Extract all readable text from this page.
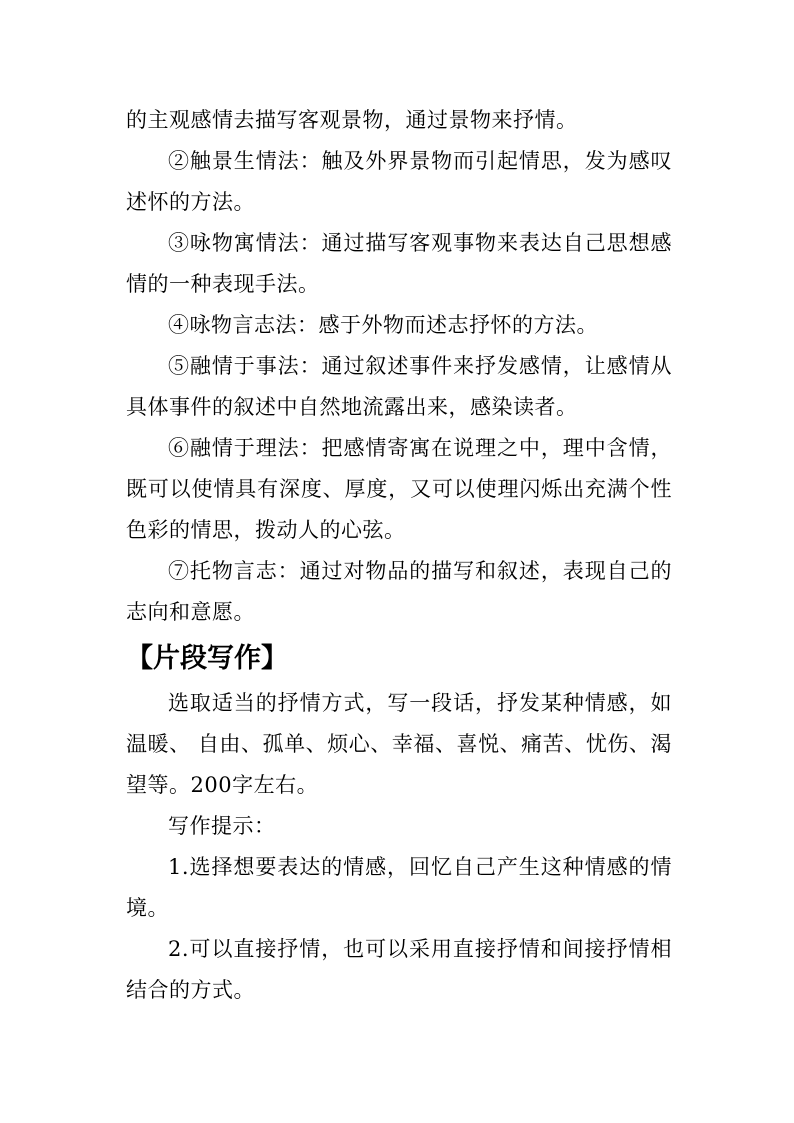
的主观感情去描写客观景物，通过景物来抒情。

②触景生情法：触及外界景物而引起情思，发为感叹述怀的方法。

③咏物寓情法：通过描写客观事物来表达自己思想感情的一种表现手法。

④咏物言志法：感于外物而述志抒怀的方法。

⑤融情于事法：通过叙述事件来抒发感情，让感情从具体事件的叙述中自然地流露出来，感染读者。

⑥融情于理法：把感情寄寓在说理之中，理中含情，既可以使情具有深度、厚度，又可以使理闪烁出充满个性色彩的情思，拨动人的心弦。

⑦托物言志：通过对物品的描写和叙述，表现自己的志向和意愿。

【片段写作】

选取适当的抒情方式，写一段话，抒发某种情感，如温暖、 自由、孤单、烦心、幸福、喜悦、痛苦、忧伤、渴望等。200字左右。

写作提示：

1.选择想要表达的情感，回忆自己产生这种情感的情境。

2.可以直接抒情，也可以采用直接抒情和间接抒情相结合的方式。
